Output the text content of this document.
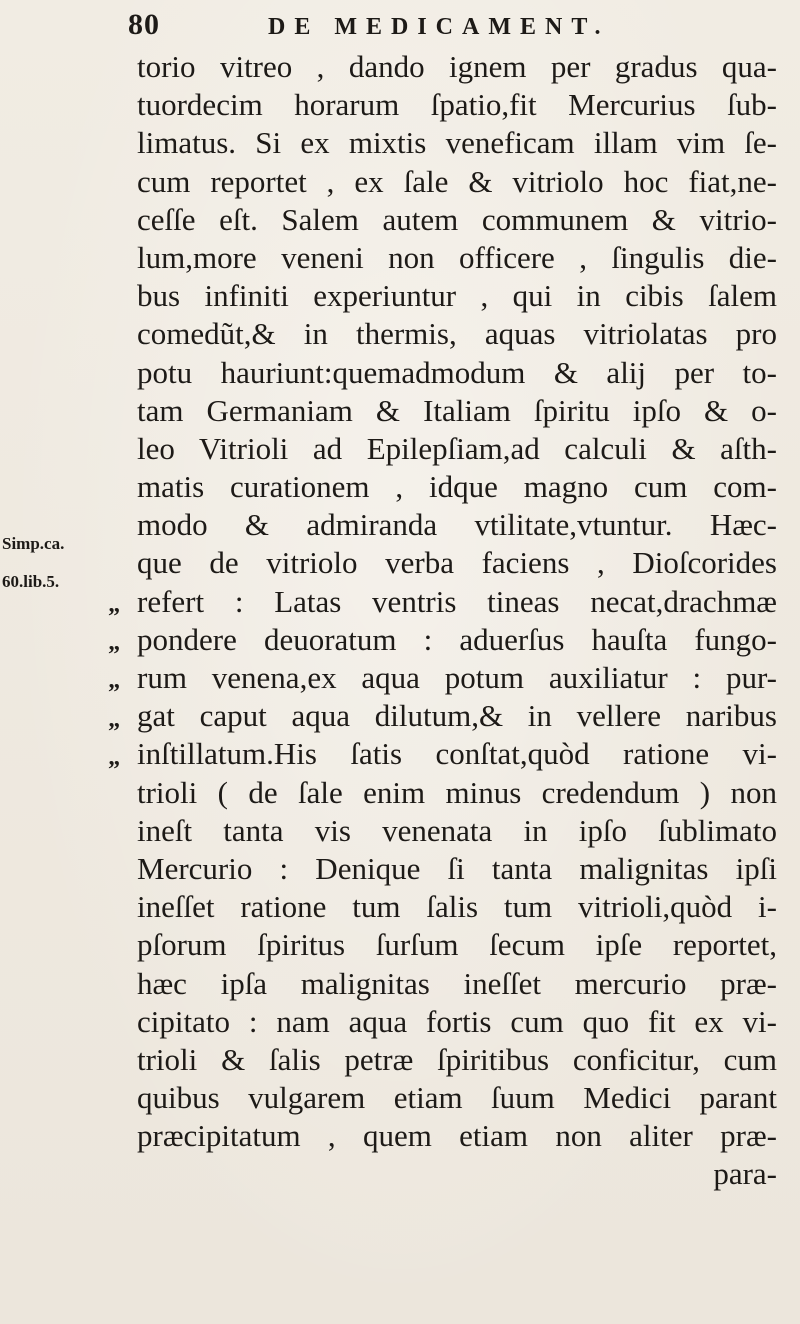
80	DE MEDICAMENT.
Simp.ca.
60.lib.5.
”
”
”
”
”
torio vitreo , dando ignem per gradus qua-
tuordecim horarum ſpatio,fit Mercurius ſub-
limatus. Si ex mixtis veneficam illam vim ſe-
cum reportet , ex ſale & vitriolo hoc fiat,ne-
ceſſe eſt. Salem autem communem & vitrio-
lum,more veneni non officere , ſingulis die-
bus infiniti experiuntur , qui in cibis ſalem
comedũt,& in thermis, aquas vitriolatas pro
potu hauriunt:quemadmodum & alij per to-
tam Germaniam & Italiam ſpiritu ipſo & o-
leo Vitrioli ad Epilepſiam,ad calculi & aſth-
matis curationem , idque magno cum com-
modo & admiranda vtilitate,vtuntur. Hæc-
que de vitriolo verba faciens , Dioſcorides
refert : Latas ventris tineas necat,drachmæ
pondere deuoratum : aduerſus hauſta fungo-
rum venena,ex aqua potum auxiliatur : pur-
gat caput aqua dilutum,& in vellere naribus
inſtillatum.His ſatis conſtat,quòd ratione vi-
trioli ( de ſale enim minus credendum ) non
ineſt tanta vis venenata in ipſo ſublimato
Mercurio : Denique ſi tanta malignitas ipſi
ineſſet ratione tum ſalis tum vitrioli,quòd i-
pſorum ſpiritus ſurſum ſecum ipſe reportet,
hæc ipſa malignitas ineſſet mercurio præ-
cipitato : nam aqua fortis cum quo fit ex vi-
trioli & ſalis petræ ſpiritibus conficitur, cum
quibus vulgarem etiam ſuum Medici parant
præcipitatum , quem etiam non aliter præ-
para-
